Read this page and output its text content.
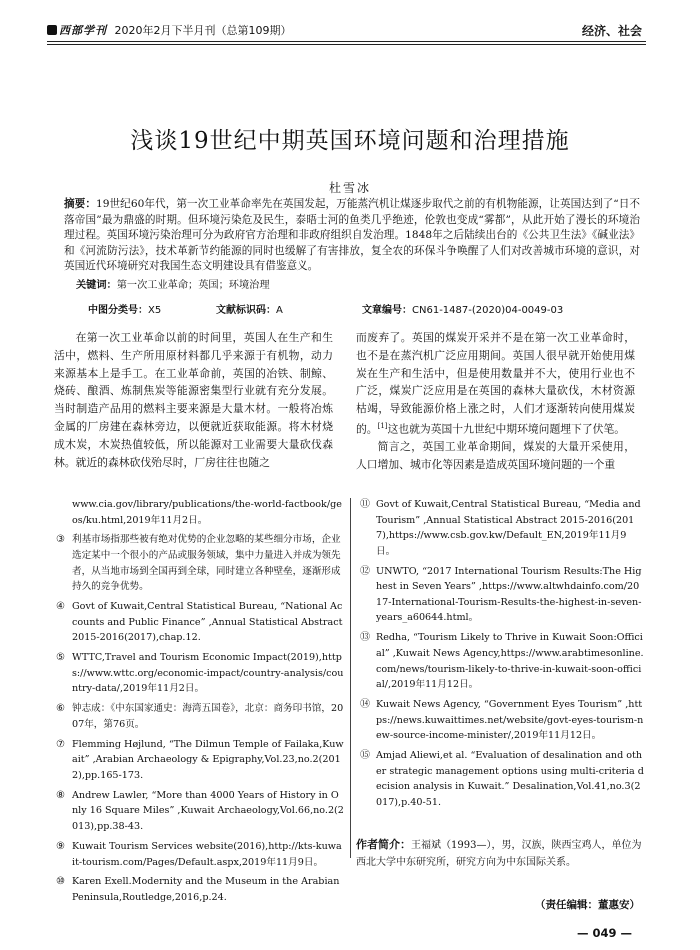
西部学刊 2020年2月下半月刊（总第109期）	经济、社会
浅谈19世纪中期英国环境问题和治理措施
杜雪冰
摘要：19世纪60年代，第一次工业革命率先在英国发起，万能蒸汽机让煤逐步取代之前的有机物能源，让英国达到了“日不落帝国”最为鼎盛的时期。但环境污染危及民生，泰晤士河的鱼类几乎绝迹，伦敦也变成“雾都”，从此开始了漫长的环境治理过程。英国环境污染治理可分为政府官方治理和非政府组织自发治理。1848年之后陆续出台的《公共卫生法》《碱业法》和《河流防污法》，技术革新节约能源的同时也缓解了有害排放，复全农的环保斗争唤醒了人们对改善城市环境的意识，对英国近代环境研究对我国生态文明建设具有借鉴意义。
关键词：第一次工业革命；英国；环境治理
中图分类号：X5	文献标识码：A	文章编号：CN61-1487-(2020)04-0049-03

在第一次工业革命以前的时间里，英国人在生产和生活中，燃料、生产所用原材料都几乎来源于有机物，动力来源基本上是手工。在工业革命前，英国的冶铁、制鲸、烧砖、酿酒、炼制焦炭等能源密集型行业就有充分发展。当时制造产品用的燃料主要来源是大量木材。一般将冶炼金属的厂房建在森林旁边，以便就近获取能源。将木材烧成木炭，木炭热值较低，所以能源对工业需要大量砍伐森林。就近的森林砍伐殆尽时，厂房往往也随之

而废弃了。英国的煤炭开采并不是在第一次工业革命时，也不是在蒸汽机广泛应用期间。英国人很早就开始使用煤炭在生产和生活中，但是使用数量并不大，使用行业也不广泛，煤炭广泛应用是在英国的森林大量砍伐，木材资源枯竭，导致能源价格上涨之时，人们才逐渐转向使用煤炭的。[1]这也就为英国十九世纪中期环境问题埋下了伏笔。

简言之，英国工业革命期间，煤炭的大量开采使用，人口增加、城市化等因素是造成英国环境问题的一个重

www.cia.gov/library/publications/the-world-factbook/geos/ku.html,2019年11月2日。
③ 利基市场指那些被有绝对优势的企业忽略的某些细分市场，企业选定某中一个很小的产品或服务领域，集中力量进入并成为领先者，从当地市场到全国再到全球，同时建立各种壁垒，逐渐形成持久的竞争优势。
④ Govt of Kuwait,Central Statistical Bureau, “National Accounts and Public Finance” ,Annual Statistical Abstract 2015-2016(2017),chap.12.
⑤ WTTC,Travel and Tourism Economic Impact(2019),https://www.wttc.org/economic-impact/country-analysis/country-data/,2019年11月2日。
⑥ 钟志成：《中东国家通史：海湾五国卷》，北京：商务印书馆，2007年，第76页。
⑦ Flemming Højlund, “The Dilmun Temple of Failaka,Kuwait” ,Arabian Archaeology & Epigraphy,Vol.23,no.2(2012),pp.165-173.
⑧ Andrew Lawler, “More than 4000 Years of History in Only 16 Square Miles” ,Kuwait Archaeology,Vol.66,no.2(2013),pp.38-43.
⑨ Kuwait Tourism Services website(2016),http://kts-kuwait-tourism.com/Pages/Default.aspx,2019年11月9日。
⑩ Karen Exell.Modernity and the Museum in the Arabian Peninsula,Routledge,2016,p.24.
⑪ Govt of Kuwait,Central Statistical Bureau, “Media and Tourism” ,Annual Statistical Abstract 2015-2016(2017),https://www.csb.gov.kw/Default_EN,2019年11月9日。
⑫ UNWTO, “2017 International Tourism Results:The Highest in Seven Years” ,https://www.altwhdainfo.com/2017-International-Tourism-Results-the-highest-in-seven-years_a60644.html。
⑬ Redha, “Tourism Likely to Thrive in Kuwait Soon:Official” ,Kuwait News Agency,https://www.arabtimesonline.com/news/tourism-likely-to-thrive-in-kuwait-soon-official/,2019年11月12日。
⑭ Kuwait News Agency, “Government Eyes Tourism” ,https://news.kuwaittimes.net/website/govt-eyes-tourism-new-source-income-minister/,2019年11月12日。
⑮ Amjad Aliewi,et al. “Evaluation of desalination and other strategic management options using multi-criteria decision analysis in Kuwait.” Desalination,Vol.41,no.3(2017),p.40-51.
作者简介：王福斌（1993—），男，汉族，陕西宝鸡人，单位为西北大学中东研究所，研究方向为中东国际关系。
（责任编辑：董惠安）
— 049 —
